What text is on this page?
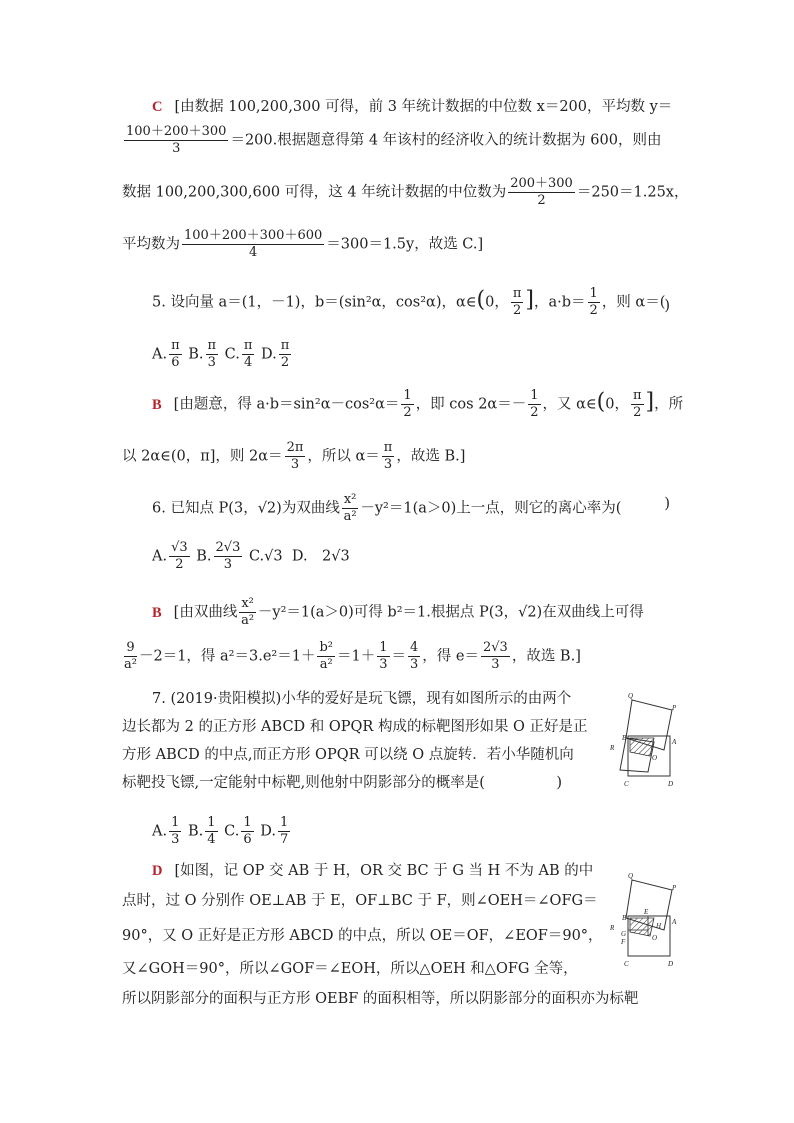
C [由数据 100,200,300 可得，前 3 年统计数据的中位数 x＝200，平均数 y＝
$\frac{100+200+300}{3} =200$.根据题意得第 4 年该村的经济收入的统计数据为 600，则由
数据 100,200,300,600 可得，这 4 年统计数据的中位数为 $\frac{200+300}{2} =250=1.25x$，
平均数为 $\frac{100+200+300+600}{4} =300=1.5y$，故选 C.]
5. 设向量 a＝(1，－1)，b＝(sin²α，cos²α)，α∈(0， $\frac{\pi}{2}$ ]，$a\cdot b= \frac{1}{2}$ ，则 α＝(
)
A. $\frac{\pi}{6} B$. $\frac{\pi}{3} C$. $\frac{\pi}{4} D$. $\frac{\pi}{2}$
B [由题意，得 $a\cdot b=\sin^2\alpha-\cos^2\alpha= \frac{1}{2}$ ，即 $\cos 2\alpha=- \frac{1}{2}$ ，又 α∈(0， $\frac{\pi}{2}$ ]，所
以 2α∈(0，π]，则 $2\alpha= \frac{2\pi}{3}$ ，所以 $\alpha= \frac{\pi}{3}$ ，故选 B.]
6. 已知点 P(3，√2)为双曲线 $\frac{\text{x²}}{\text{a²}} -y^2=1(a>0)$上一点，则它的离心率为(	)
A. $\frac{√3}{2} B$. $\frac{2√3}{3} C.√3$ D.　2√3
B [由双曲线 $\frac{\text{x²}}{\text{a²}} -y^2=1(a>0)$可得 b²＝1.根据点 P(3，√2)在双曲线上可得
$\frac{9}{\text{a²}} -2=1$，得 $a^2=3.e^2=1+ \frac{\text{b²}}{\text{a²}} =1+ \frac{1}{3} = \frac{4}{3}$ ，得 $e= \frac{2√3}{3}$ ，故选 B.]
7. (2019·贵阳模拟)小华的爱好是玩飞镖，现有如图所示的由两个
边长都为 2 的正方形 ABCD 和 OPQR 构成的标靶图形如果 O 正好是正
方形 ABCD 的中点,而正方形 OPQR 可以绕 O 点旋转．若小华随机向
标靶投飞镖,一定能射中标靶,则他射中阴影部分的概率是(	)
A. $\frac{1}{3} B$. $\frac{1}{4} C$. $\frac{1}{6} D$. $\frac{1}{7}$
Q
P
R
B	A
O
C	D
D [如图，记 OP 交 AB 于 H，OR 交 BC 于 G 当 H 不为 AB 的中
点时，过 O 分别作 OE⊥AB 于 E，OF⊥BC 于 F，则∠OEH＝∠OFG＝
90°，又 O 正好是正方形 ABCD 的中点，所以 OE＝OF，∠EOF＝90°，
又∠GOH＝90°，所以∠GOF＝∠EOH，所以△OEH 和△OFG 全等，
所以阴影部分的面积与正方形 OEBF 的面积相等，所以阴影部分的面积亦为标靶
Q
P
R
B
E
A
G
H
O
F
C	D
